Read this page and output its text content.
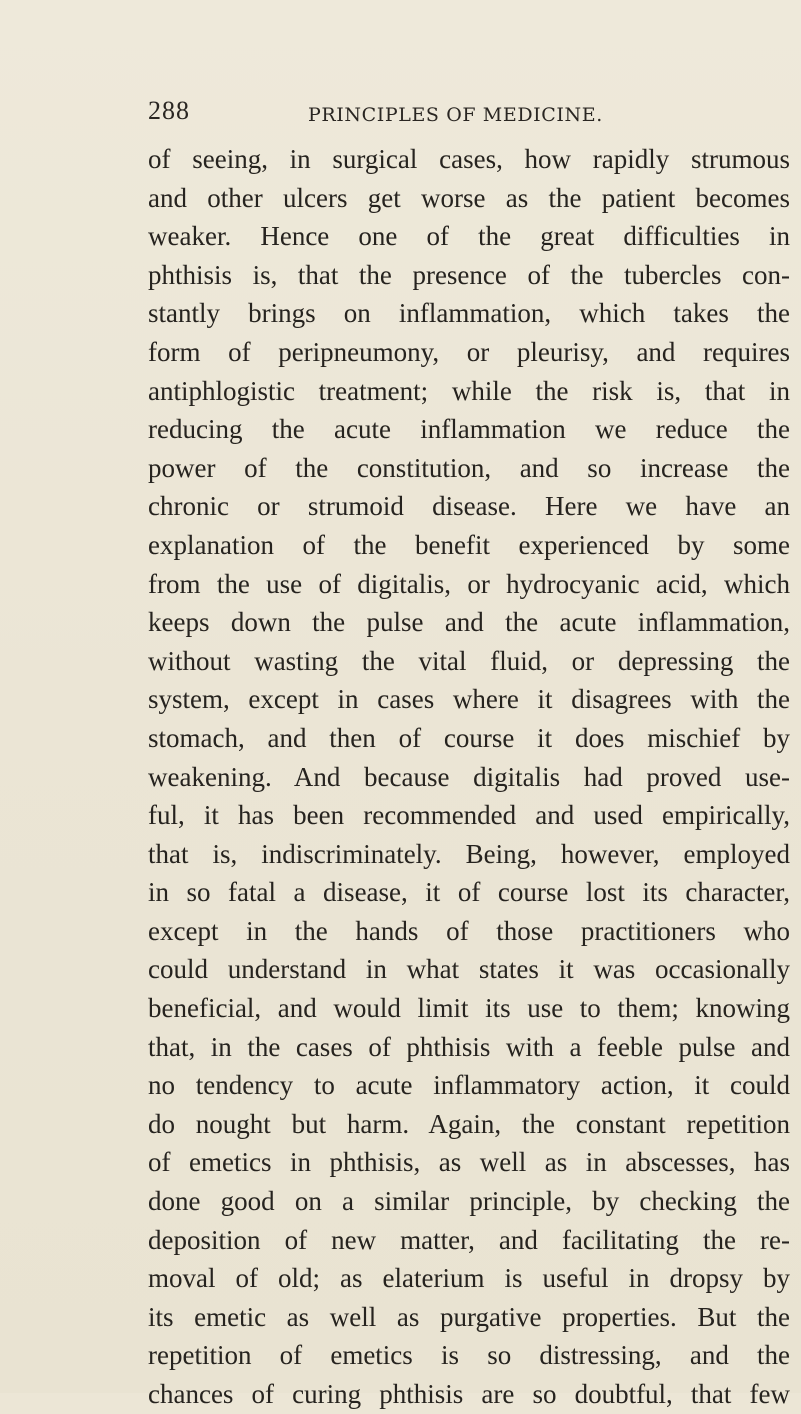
288	PRINCIPLES OF MEDICINE.
of seeing, in surgical cases, how rapidly strumous
and other ulcers get worse as the patient becomes
weaker. Hence one of the great difficulties in
phthisis is, that the presence of the tubercles con-
stantly brings on inflammation, which takes the
form of peripneumony, or pleurisy, and requires
antiphlogistic treatment; while the risk is, that in
reducing the acute inflammation we reduce the
power of the constitution, and so increase the
chronic or strumoid disease. Here we have an
explanation of the benefit experienced by some
from the use of digitalis, or hydrocyanic acid, which
keeps down the pulse and the acute inflammation,
without wasting the vital fluid, or depressing the
system, except in cases where it disagrees with the
stomach, and then of course it does mischief by
weakening. And because digitalis had proved use-
ful, it has been recommended and used empirically,
that is, indiscriminately. Being, however, employed
in so fatal a disease, it of course lost its character,
except in the hands of those practitioners who
could understand in what states it was occasionally
beneficial, and would limit its use to them; knowing
that, in the cases of phthisis with a feeble pulse and
no tendency to acute inflammatory action, it could
do nought but harm. Again, the constant repetition
of emetics in phthisis, as well as in abscesses, has
done good on a similar principle, by checking the
deposition of new matter, and facilitating the re-
moval of old; as elaterium is useful in dropsy by
its emetic as well as purgative properties. But the
repetition of emetics is so distressing, and the
chances of curing phthisis are so doubtful, that few
